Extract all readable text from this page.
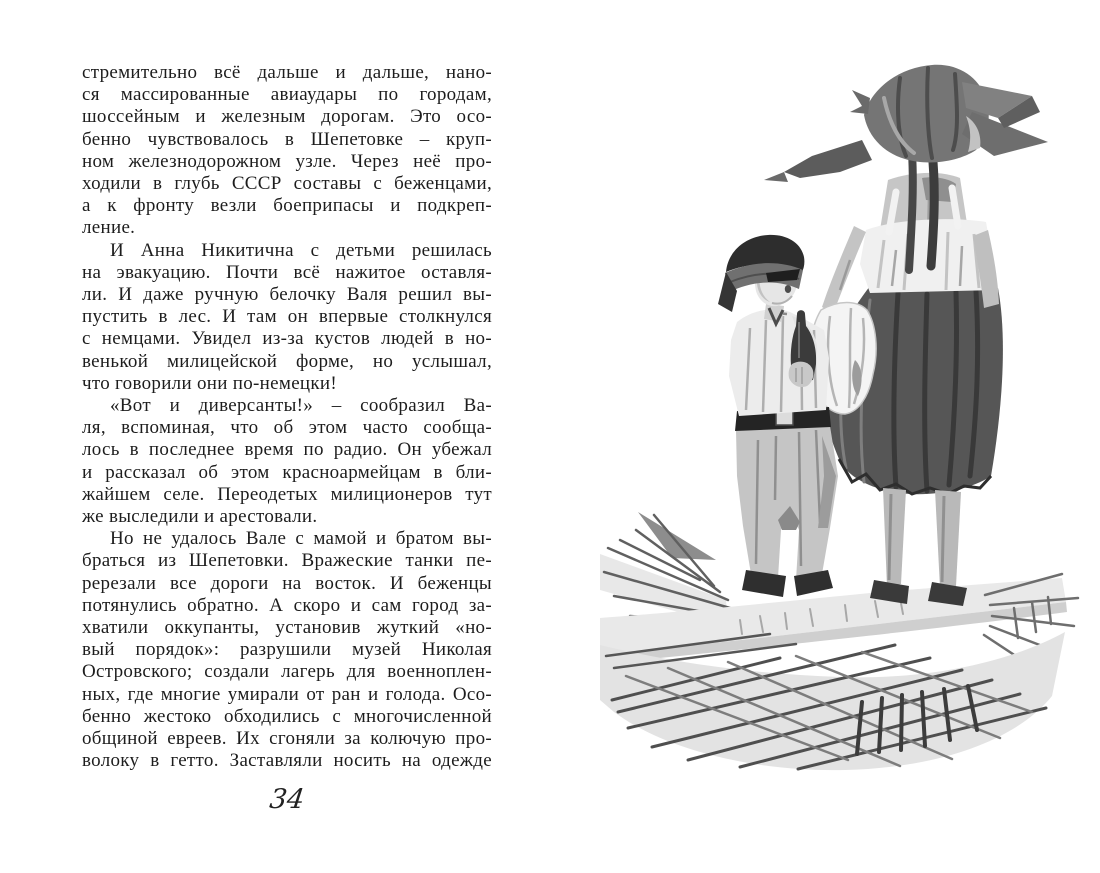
стремительно всё дальше и дальше, нано-
ся массированные авиаудары по городам,
шоссейным и железным дорогам. Это осо-
бенно чувствовалось в Шепетовке – круп-
ном железнодорожном узле. Через неё про-
ходили в глубь СССР составы с беженцами,
а к фронту везли боеприпасы и подкреп-
ление.

И Анна Никитична с детьми решилась
на эвакуацию. Почти всё нажитое оставля-
ли. И даже ручную белочку Валя решил вы-
пустить в лес. И там он впервые столкнулся
с немцами. Увидел из-за кустов людей в но-
венькой милицейской форме, но услышал,
что говорили они по-немецки!

«Вот и диверсанты!» – сообразил Ва-
ля, вспоминая, что об этом часто сообща-
лось в последнее время по радио. Он убежал
и рассказал об этом красноармейцам в бли-
жайшем селе. Переодетых милиционеров тут
же выследили и арестовали.

Но не удалось Вале с мамой и братом вы-
браться из Шепетовки. Вражеские танки пе-
ререзали все дороги на восток. И беженцы
потянулись обратно. А скоро и сам город за-
хватили оккупанты, установив жуткий «но-
вый порядок»: разрушили музей Николая
Островского; создали лагерь для военноплен-
ных, где многие умирали от ран и голода. Осо-
бенно жестоко обходились с многочисленной
общиной евреев. Их сгоняли за колючую про-
волоку в гетто. Заставляли носить на одежде

34
